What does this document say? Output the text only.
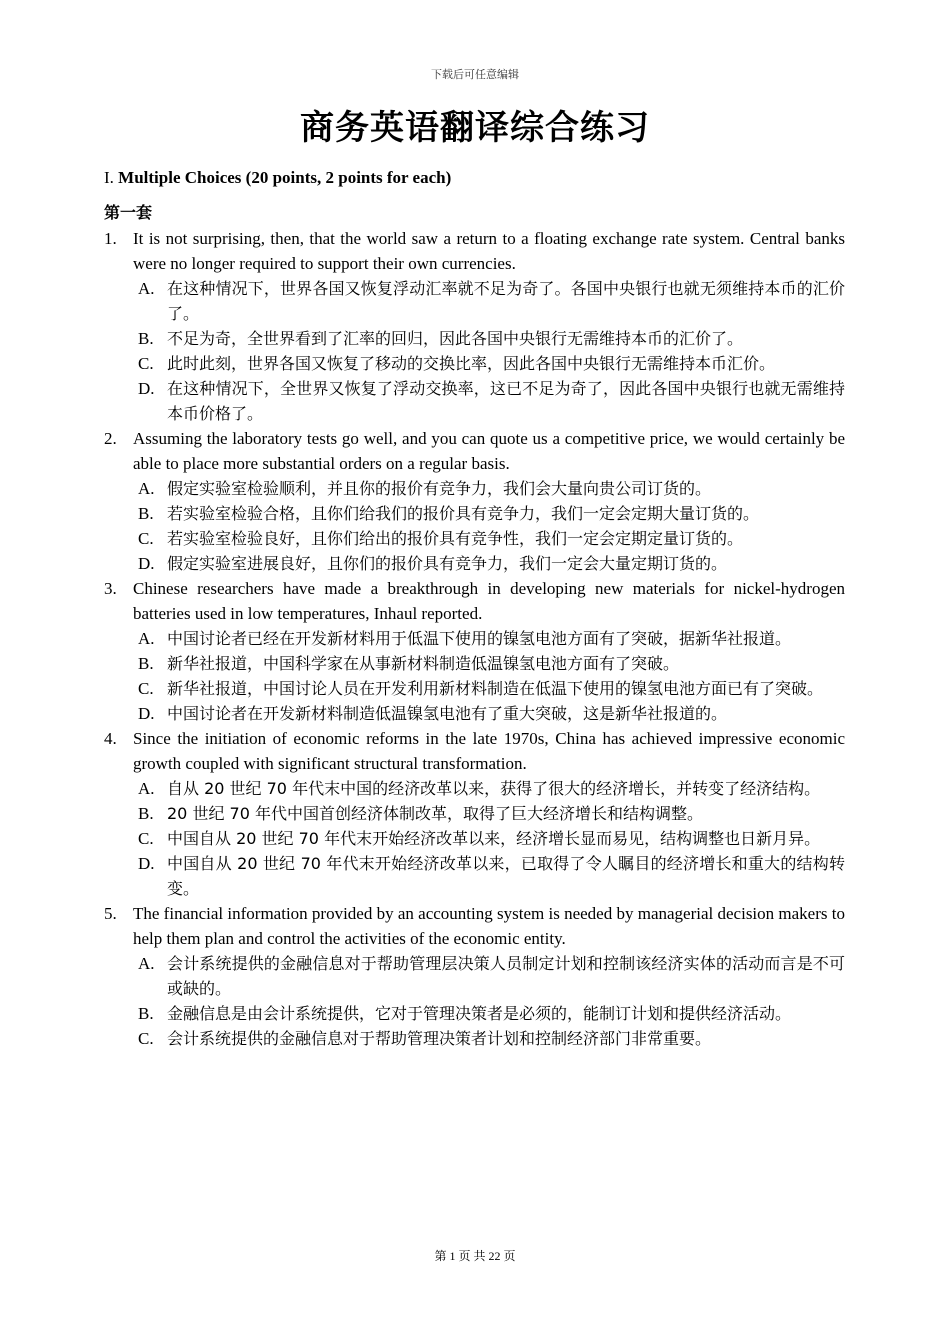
下载后可任意编辑
商务英语翻译综合练习
I. Multiple Choices (20 points, 2 points for each)
第一套
1. It is not surprising, then, that the world saw a return to a floating exchange rate system. Central banks were no longer required to support their own currencies.
A. 在这种情况下，世界各国又恢复浮动汇率就不足为奇了。各国中央银行也就无须维持本币的汇价了。
B. 不足为奇，全世界看到了汇率的回归，因此各国中央银行无需维持本币的汇价了。
C. 此时此刻，世界各国又恢复了移动的交换比率，因此各国中央银行无需维持本币汇价。
D. 在这种情况下，全世界又恢复了浮动交换率，这已不足为奇了，因此各国中央银行也就无需维持本币价格了。
2. Assuming the laboratory tests go well, and you can quote us a competitive price, we would certainly be able to place more substantial orders on a regular basis.
A. 假定实验室检验顺利，并且你的报价有竞争力，我们会大量向贵公司订货的。
B. 若实验室检验合格，且你们给我们的报价具有竞争力，我们一定会定期大量订货的。
C. 若实验室检验良好，且你们给出的报价具有竞争性，我们一定会定期定量订货的。
D. 假定实验室进展良好，且你们的报价具有竞争力，我们一定会大量定期订货的。
3. Chinese researchers have made a breakthrough in developing new materials for nickel-hydrogen batteries used in low temperatures, Inhaul reported.
A. 中国讨论者已经在开发新材料用于低温下使用的镍氢电池方面有了突破，据新华社报道。
B. 新华社报道，中国科学家在从事新材料制造低温镍氢电池方面有了突破。
C. 新华社报道，中国讨论人员在开发利用新材料制造在低温下使用的镍氢电池方面已有了突破。
D. 中国讨论者在开发新材料制造低温镍氢电池有了重大突破，这是新华社报道的。
4. Since the initiation of economic reforms in the late 1970s, China has achieved impressive economic growth coupled with significant structural transformation.
A. 自从 20 世纪 70 年代末中国的经济改革以来，获得了很大的经济增长，并转变了经济结构。
B. 20 世纪 70 年代中国首创经济体制改革，取得了巨大经济增长和结构调整。
C. 中国自从 20 世纪 70 年代末开始经济改革以来，经济增长显而易见，结构调整也日新月异。
D. 中国自从 20 世纪 70 年代末开始经济改革以来，已取得了令人瞩目的经济增长和重大的结构转变。
5. The financial information provided by an accounting system is needed by managerial decision makers to help them plan and control the activities of the economic entity.
A. 会计系统提供的金融信息对于帮助管理层决策人员制定计划和控制该经济实体的活动而言是不可或缺的。
B. 金融信息是由会计系统提供，它对于管理决策者是必须的，能制订计划和提供经济活动。
C. 会计系统提供的金融信息对于帮助管理决策者计划和控制经济部门非常重要。
第 1 页 共 22 页
